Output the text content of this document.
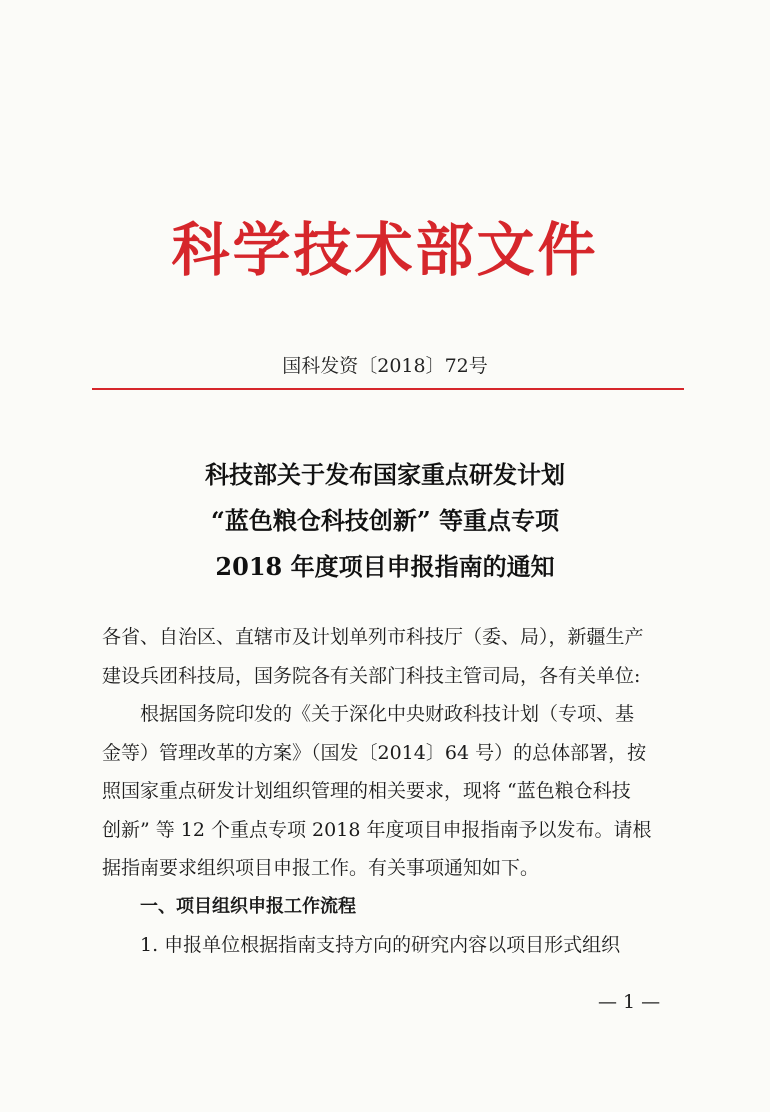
科学技术部文件
国科发资〔2018〕72号
科技部关于发布国家重点研发计划
“蓝色粮仓科技创新” 等重点专项
2018 年度项目申报指南的通知
各省、自治区、直辖市及计划单列市科技厅（委、局），新疆生产
建设兵团科技局，国务院各有关部门科技主管司局，各有关单位:
根据国务院印发的《关于深化中央财政科技计划（专项、基
金等）管理改革的方案》（国发〔2014〕64 号）的总体部署，按
照国家重点研发计划组织管理的相关要求，现将 “蓝色粮仓科技
创新” 等 12 个重点专项 2018 年度项目申报指南予以发布。请根
据指南要求组织项目申报工作。有关事项通知如下。
一、项目组织申报工作流程
1. 申报单位根据指南支持方向的研究内容以项目形式组织
— 1 —
